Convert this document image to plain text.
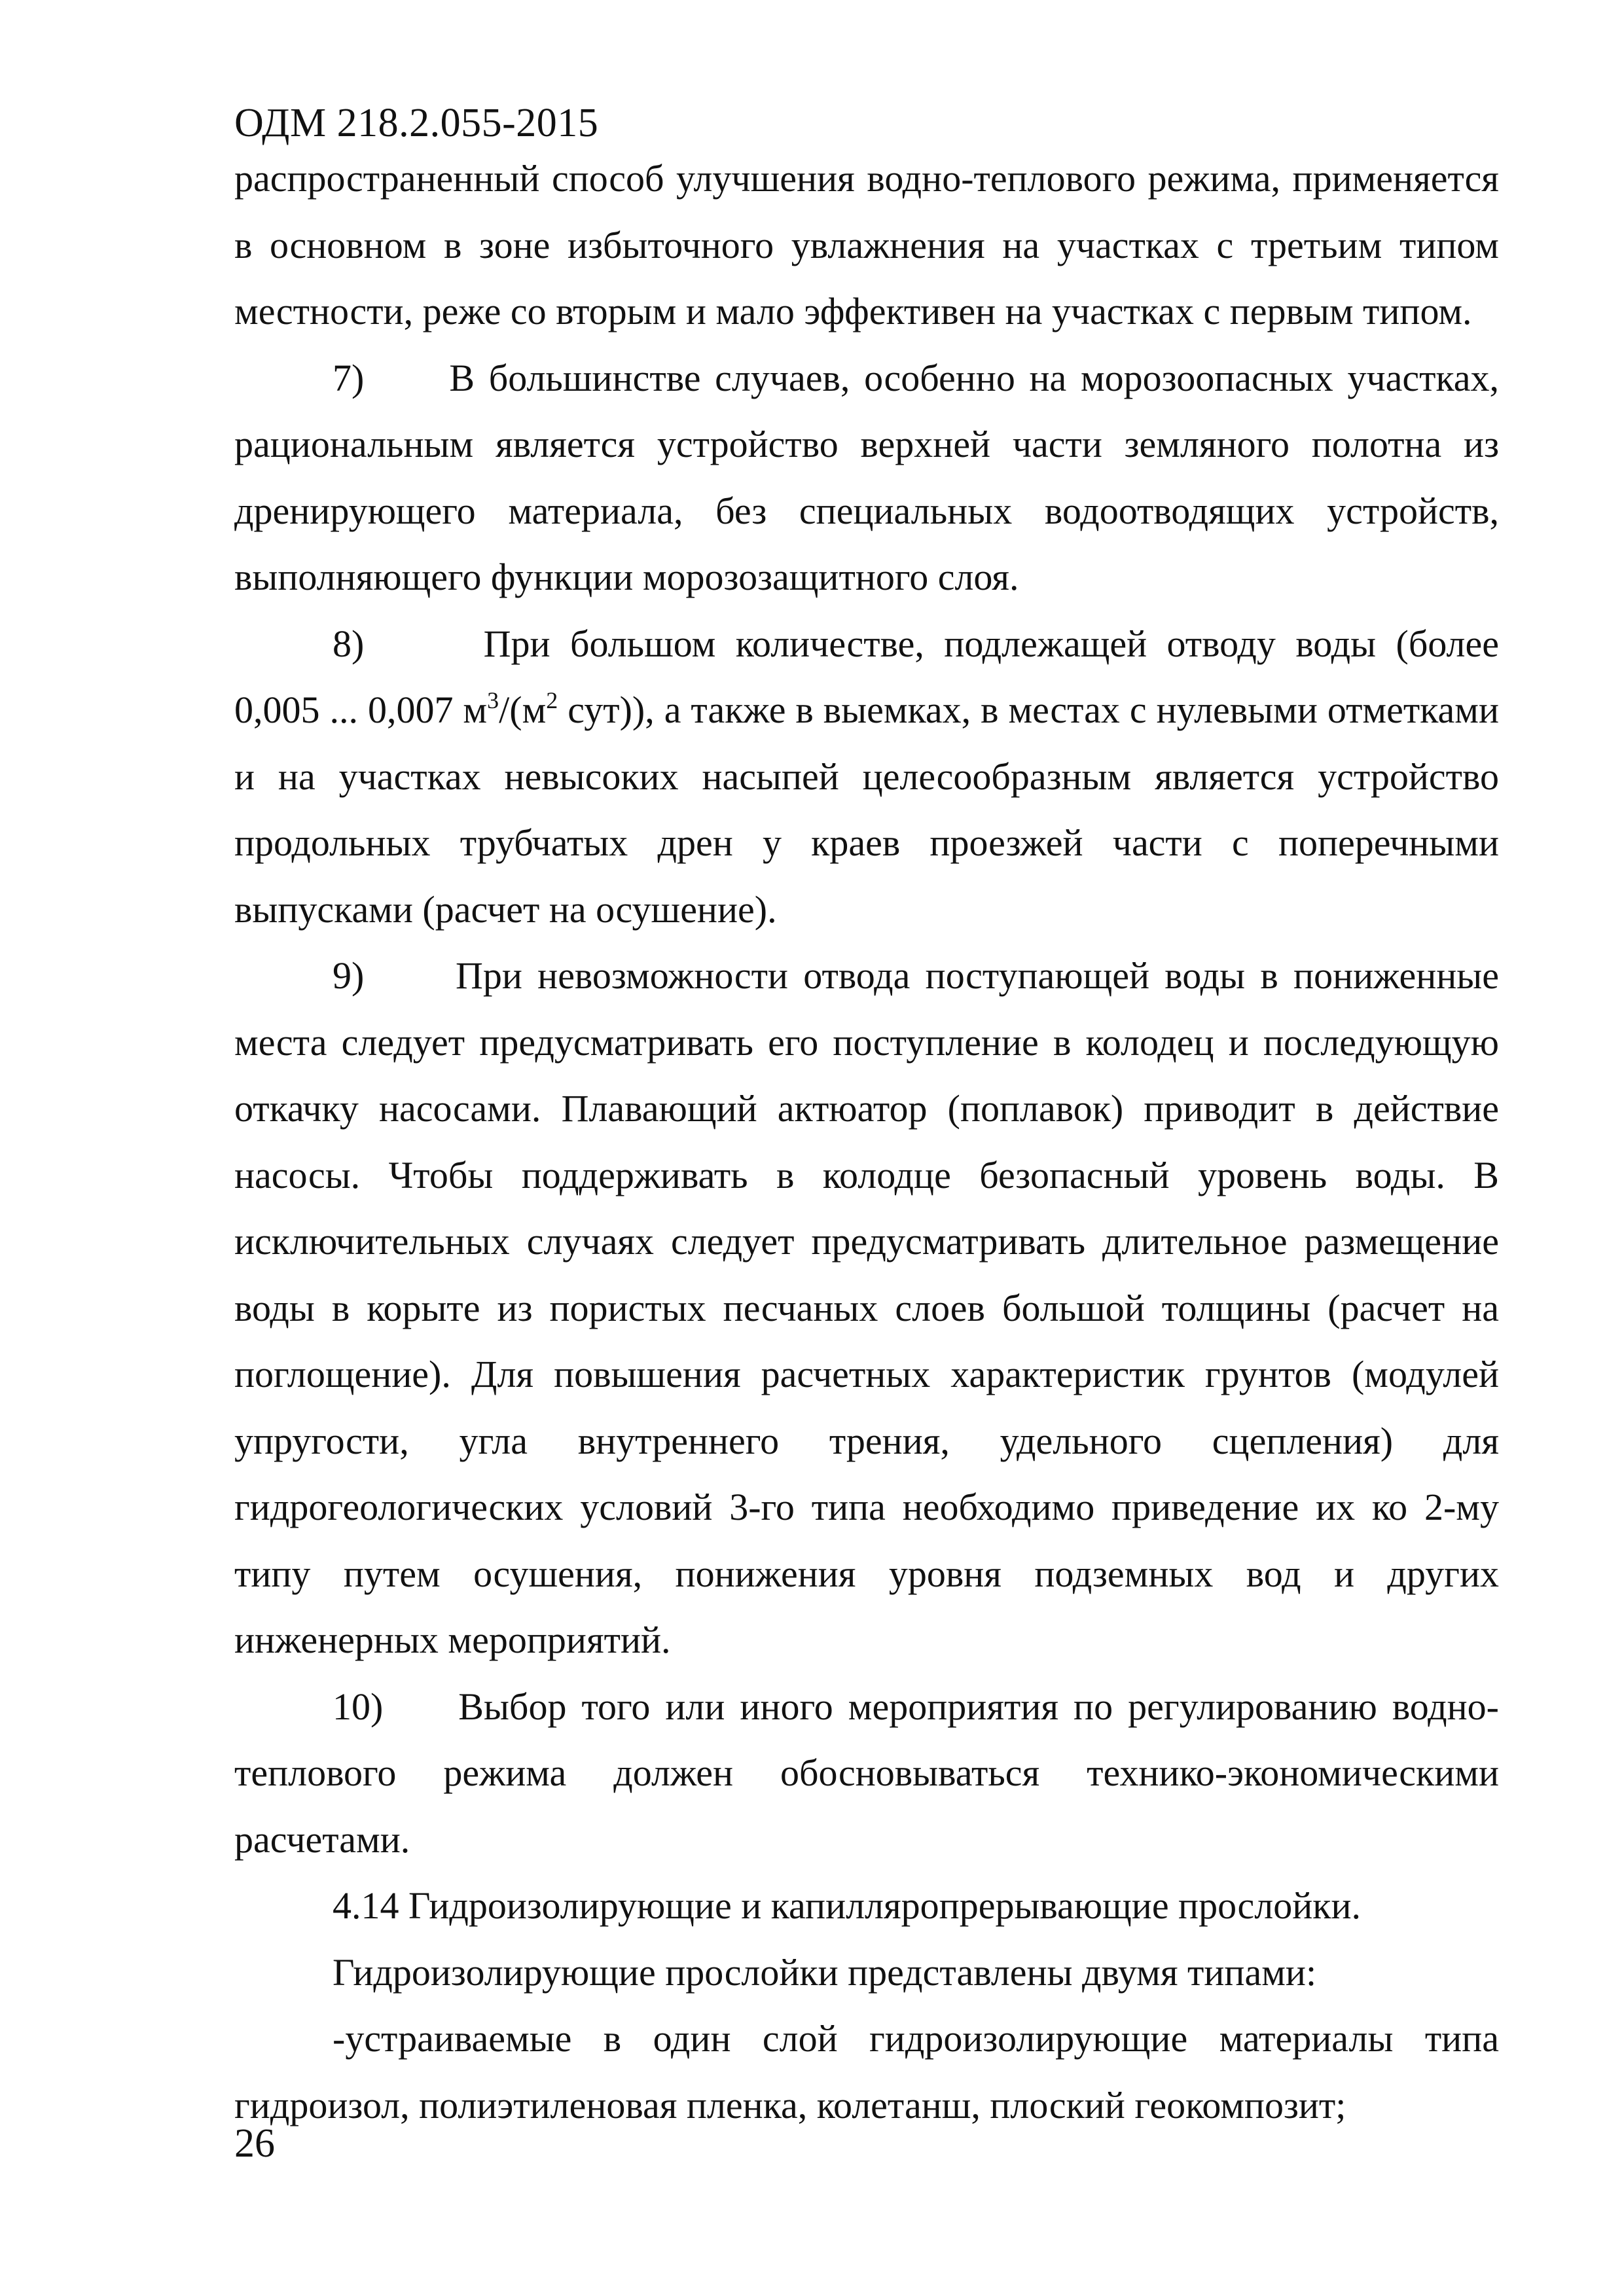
ОДМ 218.2.055-2015
распространенный способ улучшения водно-теплового режима, применяется
в основном в зоне избыточного увлажнения на участках с третьим типом
местности, реже со вторым и мало эффективен на участках с первым типом.
7)      В большинстве случаев, особенно на морозоопасных участках,
рациональным является устройство верхней части земляного полотна из
дренирующего материала, без специальных водоотводящих устройств,
выполняющего функции морозозащитного слоя.
8)      При большом количестве, подлежащей отводу воды (более
0,005 ... 0,007 $м^3/(м^2$ сут)), а также в выемках, в местах с нулевыми отметками
и на участках невысоких насыпей целесообразным является устройство
продольных трубчатых дрен у краев проезжей части с поперечными
выпусками (расчет на осушение).
9)      При невозможности отвода поступающей воды в пониженные
места следует предусматривать его поступление в колодец и последующую
откачку насосами. Плавающий актюатор (поплавок) приводит в действие
насосы. Чтобы поддерживать в колодце безопасный уровень воды. В
исключительных случаях следует предусматривать длительное размещение
воды в корыте из пористых песчаных слоев большой толщины (расчет на
поглощение). Для повышения расчетных характеристик грунтов (модулей
упругости, угла внутреннего трения, удельного сцепления) для
гидрогеологических условий 3-го типа необходимо приведение их ко 2-му
типу путем осушения, понижения уровня подземных вод и других
инженерных мероприятий.
10)     Выбор того или иного мероприятия по регулированию водно-
теплового режима должен обосновываться технико-экономическими
расчетами.
4.14 Гидроизолирующие и капилляропрерывающие прослойки.
Гидроизолирующие прослойки представлены двумя типами:
-устраиваемые в один слой гидроизолирующие материалы типа
гидроизол, полиэтиленовая пленка, колетанш, плоский геокомпозит;
26
